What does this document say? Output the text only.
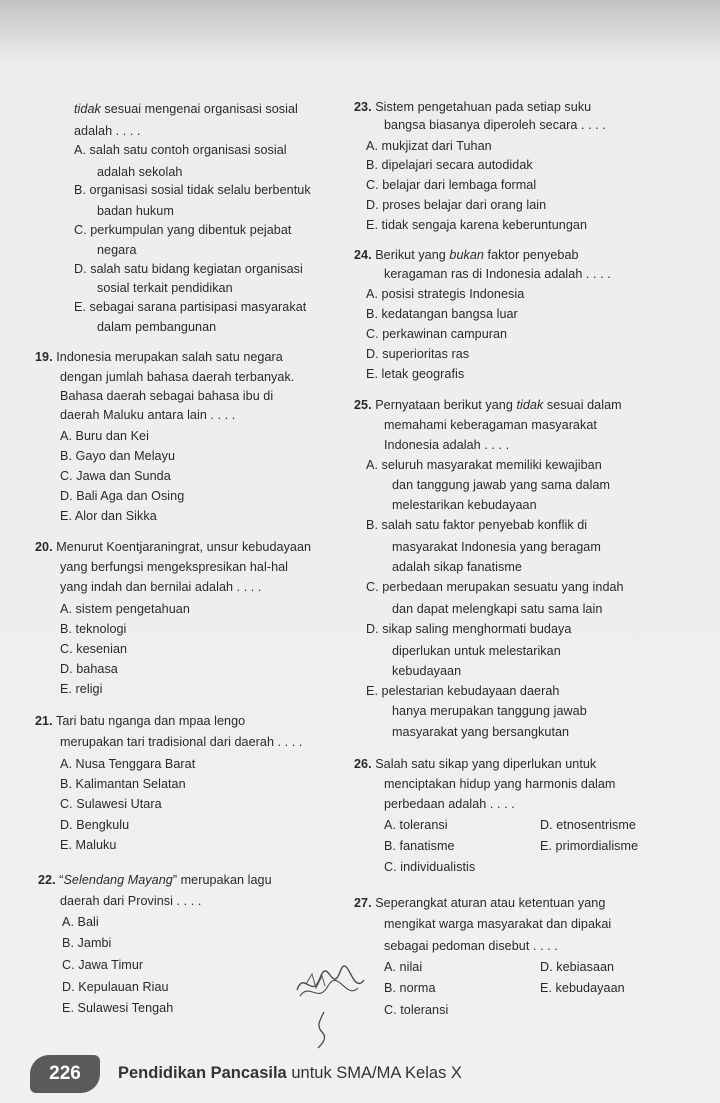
tidak sesuai mengenai organisasi sosial
adalah . . . .
A. salah satu contoh organisasi sosial
adalah sekolah
B. organisasi sosial tidak selalu berbentuk
badan hukum
C. perkumpulan yang dibentuk pejabat
negara
D. salah satu bidang kegiatan organisasi
sosial terkait pendidikan
E. sebagai sarana partisipasi masyarakat
dalam pembangunan
19. Indonesia merupakan salah satu negara
dengan jumlah bahasa daerah terbanyak.
Bahasa daerah sebagai bahasa ibu di
daerah Maluku antara lain . . . .
A. Buru dan Kei
B. Gayo dan Melayu
C. Jawa dan Sunda
D. Bali Aga dan Osing
E. Alor dan Sikka
20. Menurut Koentjaraningrat, unsur kebudayaan
yang berfungsi mengekspresikan hal-hal
yang indah dan bernilai adalah . . . .
A. sistem pengetahuan
B. teknologi
C. kesenian
D. bahasa
E. religi
21. Tari batu nganga dan mpaa lengo
merupakan tari tradisional dari daerah . . . .
A. Nusa Tenggara Barat
B. Kalimantan Selatan
C. Sulawesi Utara
D. Bengkulu
E. Maluku
22. “Selendang Mayang” merupakan lagu
daerah dari Provinsi . . . .
A. Bali
B. Jambi
C. Jawa Timur
D. Kepulauan Riau
E. Sulawesi Tengah
23. Sistem pengetahuan pada setiap suku
bangsa biasanya diperoleh secara . . . .
A. mukjizat dari Tuhan
B. dipelajari secara autodidak
C. belajar dari lembaga formal
D. proses belajar dari orang lain
E. tidak sengaja karena keberuntungan
24. Berikut yang bukan faktor penyebab
keragaman ras di Indonesia adalah . . . .
A. posisi strategis Indonesia
B. kedatangan bangsa luar
C. perkawinan campuran
D. superioritas ras
E. letak geografis
25. Pernyataan berikut yang tidak sesuai dalam
memahami keberagaman masyarakat
Indonesia adalah . . . .
A. seluruh masyarakat memiliki kewajiban
dan tanggung jawab yang sama dalam
melestarikan kebudayaan
B. salah satu faktor penyebab konflik di
masyarakat Indonesia yang beragam
adalah sikap fanatisme
C. perbedaan merupakan sesuatu yang indah
dan dapat melengkapi satu sama lain
D. sikap saling menghormati budaya
diperlukan untuk melestarikan
kebudayaan
E. pelestarian kebudayaan daerah
hanya merupakan tanggung jawab
masyarakat yang bersangkutan
26. Salah satu sikap yang diperlukan untuk
menciptakan hidup yang harmonis dalam
perbedaan adalah . . . .
A. toleransi	D. etnosentrisme
B. fanatisme	E. primordialisme
C. individualistis
27. Seperangkat aturan atau ketentuan yang
mengikat warga masyarakat dan dipakai
sebagai pedoman disebut . . . .
A. nilai	D. kebiasaan
B. norma	E. kebudayaan
C. toleransi
226	Pendidikan Pancasila untuk SMA/MA Kelas X
